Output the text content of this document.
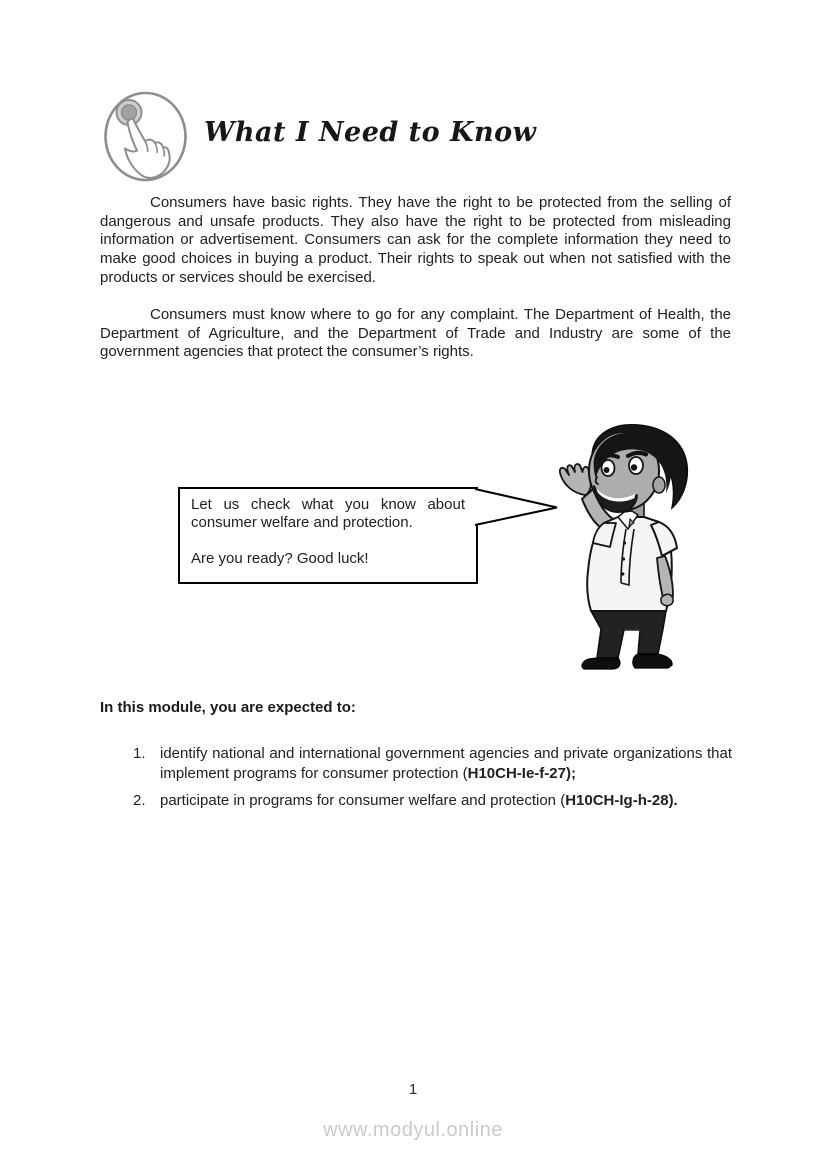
What I Need to Know

Consumers have basic rights. They have the right to be protected from the selling of dangerous and unsafe products. They also have the right to be protected from misleading information or advertisement. Consumers can ask for the complete information they need to make good choices in buying a product. Their rights to speak out when not satisfied with the products or services should be exercised.

Consumers must know where to go for any complaint. The Department of Health, the Department of Agriculture, and the Department of Trade and Industry are some of the government agencies that protect the consumer’s rights.

Let us check what you know about consumer welfare and protection.

Are you ready? Good luck!

In this module, you are expected to:
1. identify national and international government agencies and private organizations that implement programs for consumer protection (H10CH-Ie-f-27);
2. participate in programs for consumer welfare and protection (H10CH-Ig-h-28).
1
www.modyul.online
